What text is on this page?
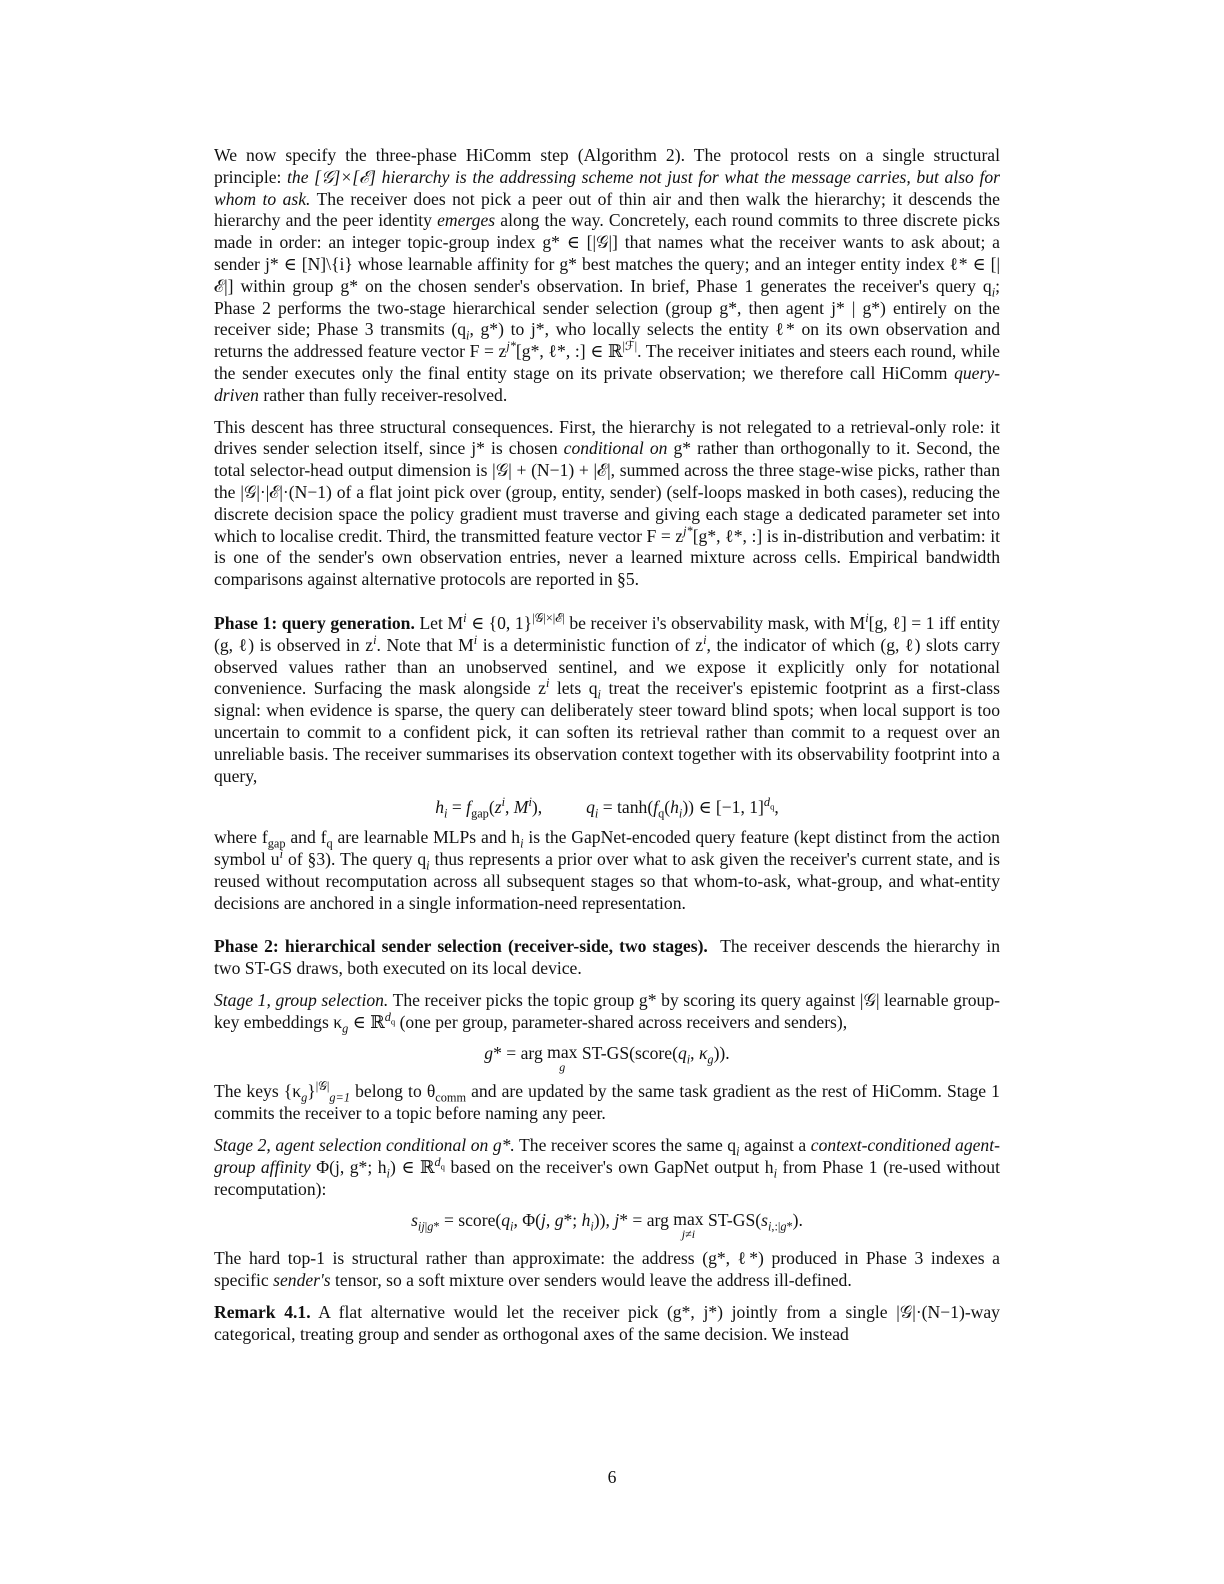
We now specify the three-phase HiComm step (Algorithm 2). The protocol rests on a single structural principle: the [𝒢]×[ℰ] hierarchy is the addressing scheme not just for what the message carries, but also for whom to ask. The receiver does not pick a peer out of thin air and then walk the hierarchy; it descends the hierarchy and the peer identity emerges along the way. Concretely, each round commits to three discrete picks made in order: an integer topic-group index g* ∈ [|𝒢|] that names what the receiver wants to ask about; a sender j* ∈ [N]\{i} whose learnable affinity for g* best matches the query; and an integer entity index ℓ* ∈ [|ℰ|] within group g* on the chosen sender's observation. In brief, Phase 1 generates the receiver's query $q_i$; Phase 2 performs the two-stage hierarchical sender selection (group g*, then agent j* | g*) entirely on the receiver side; Phase 3 transmits ($q_i$, g*) to j*, who locally selects the entity ℓ* on its own observation and returns the addressed feature vector $F = z^{j*}[g*$, ℓ*, :] ∈ ℝ$^{|ℱ|}$. The receiver initiates and steers each round, while the sender executes only the final entity stage on its private observation; we therefore call HiComm query-driven rather than fully receiver-resolved.

This descent has three structural consequences. First, the hierarchy is not relegated to a retrieval-only role: it drives sender selection itself, since j* is chosen conditional on g* rather than orthogonally to it. Second, the total selector-head output dimension is |𝒢| + (N−1) + |ℰ|, summed across the three stage-wise picks, rather than the |𝒢|·|ℰ|·(N−1) of a flat joint pick over (group, entity, sender) (self-loops masked in both cases), reducing the discrete decision space the policy gradient must traverse and giving each stage a dedicated parameter set into which to localise credit. Third, the transmitted feature vector $F = z^{j*}[g*$, ℓ*, :] is in-distribution and verbatim: it is one of the sender's own observation entries, never a learned mixture across cells. Empirical bandwidth comparisons against alternative protocols are reported in §5.

Phase 1: query generation. Let $M^i$ ∈ {0, 1}$^{|𝒢|\times|ℰ|}$ be receiver i's observability mask, with $M^i[g$, ℓ] = 1 iff entity (g, ℓ) is observed in $z^i$. Note that $M^i$ is a deterministic function of $z^i$, the indicator of which (g, ℓ) slots carry observed values rather than an unobserved sentinel, and we expose it explicitly only for notational convenience. Surfacing the mask alongside $z^i$ lets $q_i$ treat the receiver's epistemic footprint as a first-class signal: when evidence is sparse, the query can deliberately steer toward blind spots; when local support is too uncertain to commit to a confident pick, it can soften its retrieval rather than commit to a request over an unreliable basis. The receiver summarises its observation context together with its observability footprint into a query,

$h_i = f_{gap}(z^i$, $M^i$),          $q_i = \tanh(f_q(h_i))$ ∈ [−1, 1]$^{d_q}$,

where $f_{gap}$ and $f_q$ are learnable MLPs and $h_i$ is the GapNet-encoded query feature (kept distinct from the action symbol $u^i$ of §3). The query $q_i$ thus represents a prior over what to ask given the receiver's current state, and is reused without recomputation across all subsequent stages so that whom-to-ask, what-group, and what-entity decisions are anchored in a single information-need representation.

Phase 2: hierarchical sender selection (receiver-side, two stages). The receiver descends the hierarchy in two ST-GS draws, both executed on its local device.

Stage 1, group selection. The receiver picks the topic group g* by scoring its query against |𝒢| learnable group-key embeddings $\kappa_g$ ∈ ℝ$^{d_q}$ (one per group, parameter-shared across receivers and senders),

g* = arg max
g
$ST-GS(score(q_i$, $\kappa_g$)).

The keys $\{\kappa_g\}^{|𝒢|}_{g=1}$ belong to $\theta_{comm}$ and are updated by the same task gradient as the rest of HiComm. Stage 1 commits the receiver to a topic before naming any peer.

Stage 2, agent selection conditional on g*. The receiver scores the same $q_i$ against a context-conditioned agent-group affinity Φ(j, g*; $h_i$) ∈ ℝ$^{d_q}$ based on the receiver's own GapNet output $h_i$ from Phase 1 (re-used without recomputation):

$s_{ij|g*}$ = $score(q_i$, Φ(j, g*; $h_i$)), j* = arg max
j≠i
$ST-GS(s_{i,:|g*})$.

The hard top-1 is structural rather than approximate: the address (g*, ℓ*) produced in Phase 3 indexes a specific sender's tensor, so a soft mixture over senders would leave the address ill-defined.

Remark 4.1. A flat alternative would let the receiver pick (g*, j*) jointly from a single |𝒢|·(N−1)-way categorical, treating group and sender as orthogonal axes of the same decision. We instead

6
